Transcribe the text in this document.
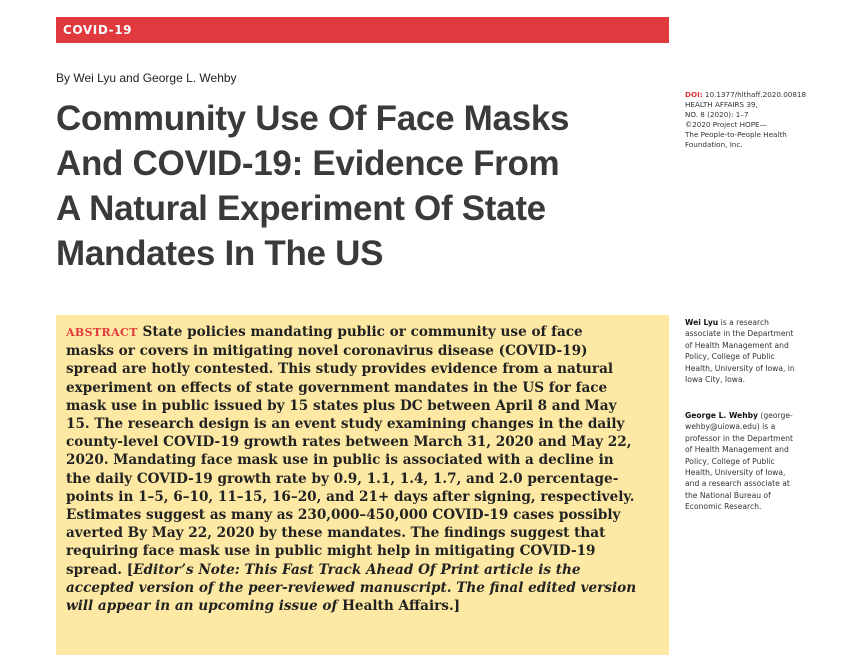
COVID-19
By Wei Lyu and George L. Wehby
Community Use Of Face Masks
And COVID-19: Evidence From
A Natural Experiment Of State
Mandates In The US
DOI: 10.1377/hlthaff.2020.00818
HEALTH AFFAIRS 39,
NO. 8 (2020): 1–7
©2020 Project HOPE—
The People-to-People Health
Foundation, Inc.
ABSTRACT State policies mandating public or community use of face
masks or covers in mitigating novel coronavirus disease (COVID-19)
spread are hotly contested. This study provides evidence from a natural
experiment on effects of state government mandates in the US for face
mask use in public issued by 15 states plus DC between April 8 and May
15. The research design is an event study examining changes in the daily
county-level COVID-19 growth rates between March 31, 2020 and May 22,
2020. Mandating face mask use in public is associated with a decline in
the daily COVID-19 growth rate by 0.9, 1.1, 1.4, 1.7, and 2.0 percentage-
points in 1–5, 6–10, 11–15, 16–20, and 21+ days after signing, respectively.
Estimates suggest as many as 230,000–450,000 COVID-19 cases possibly
averted By May 22, 2020 by these mandates. The findings suggest that
requiring face mask use in public might help in mitigating COVID-19
spread. [Editor’s Note: This Fast Track Ahead Of Print article is the
accepted version of the peer-reviewed manuscript. The final edited version
will appear in an upcoming issue of Health Affairs.]
Wei Lyu is a research
associate in the Department
of Health Management and
Policy, College of Public
Health, University of Iowa, in
Iowa City, Iowa.
George L. Wehby (george-
wehby@uiowa.edu) is a
professor in the Department
of Health Management and
Policy, College of Public
Health, University of Iowa,
and a research associate at
the National Bureau of
Economic Research.
